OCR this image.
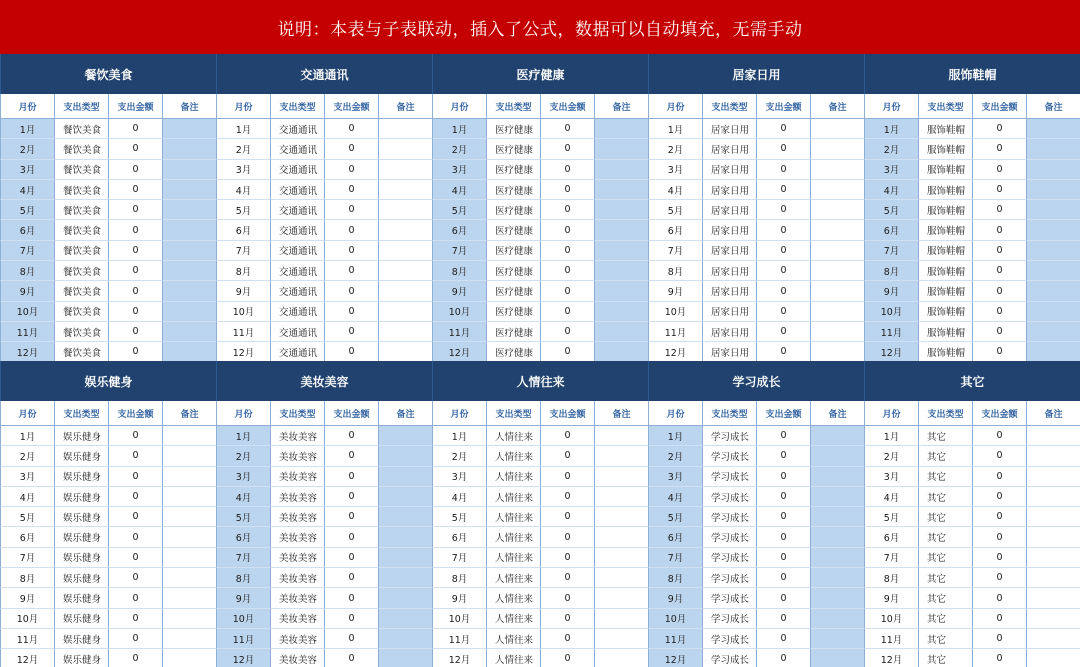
说明：本表与子表联动，插入了公式，数据可以自动填充，无需手动
餐饮美食
月份	支出类型	支出金额	备注
1月	餐饮美食	0
2月	餐饮美食	0
3月	餐饮美食	0
4月	餐饮美食	0
5月	餐饮美食	0
6月	餐饮美食	0
7月	餐饮美食	0
8月	餐饮美食	0
9月	餐饮美食	0
10月	餐饮美食	0
11月	餐饮美食	0
12月	餐饮美食	0
交通通讯
月份	支出类型	支出金额	备注
1月	交通通讯	0
2月	交通通讯	0
3月	交通通讯	0
4月	交通通讯	0
5月	交通通讯	0
6月	交通通讯	0
7月	交通通讯	0
8月	交通通讯	0
9月	交通通讯	0
10月	交通通讯	0
11月	交通通讯	0
12月	交通通讯	0
医疗健康
月份	支出类型	支出金额	备注
1月	医疗健康	0
2月	医疗健康	0
3月	医疗健康	0
4月	医疗健康	0
5月	医疗健康	0
6月	医疗健康	0
7月	医疗健康	0
8月	医疗健康	0
9月	医疗健康	0
10月	医疗健康	0
11月	医疗健康	0
12月	医疗健康	0
居家日用
月份	支出类型	支出金额	备注
1月	居家日用	0
2月	居家日用	0
3月	居家日用	0
4月	居家日用	0
5月	居家日用	0
6月	居家日用	0
7月	居家日用	0
8月	居家日用	0
9月	居家日用	0
10月	居家日用	0
11月	居家日用	0
12月	居家日用	0
服饰鞋帽
月份	支出类型	支出金额	备注
1月	服饰鞋帽	0
2月	服饰鞋帽	0
3月	服饰鞋帽	0
4月	服饰鞋帽	0
5月	服饰鞋帽	0
6月	服饰鞋帽	0
7月	服饰鞋帽	0
8月	服饰鞋帽	0
9月	服饰鞋帽	0
10月	服饰鞋帽	0
11月	服饰鞋帽	0
12月	服饰鞋帽	0
娱乐健身
月份	支出类型	支出金额	备注
1月	娱乐健身	0
2月	娱乐健身	0
3月	娱乐健身	0
4月	娱乐健身	0
5月	娱乐健身	0
6月	娱乐健身	0
7月	娱乐健身	0
8月	娱乐健身	0
9月	娱乐健身	0
10月	娱乐健身	0
11月	娱乐健身	0
12月	娱乐健身	0
美妆美容
月份	支出类型	支出金额	备注
1月	美妆美容	0
2月	美妆美容	0
3月	美妆美容	0
4月	美妆美容	0
5月	美妆美容	0
6月	美妆美容	0
7月	美妆美容	0
8月	美妆美容	0
9月	美妆美容	0
10月	美妆美容	0
11月	美妆美容	0
12月	美妆美容	0
人情往来
月份	支出类型	支出金额	备注
1月	人情往来	0
2月	人情往来	0
3月	人情往来	0
4月	人情往来	0
5月	人情往来	0
6月	人情往来	0
7月	人情往来	0
8月	人情往来	0
9月	人情往来	0
10月	人情往来	0
11月	人情往来	0
12月	人情往来	0
学习成长
月份	支出类型	支出金额	备注
1月	学习成长	0
2月	学习成长	0
3月	学习成长	0
4月	学习成长	0
5月	学习成长	0
6月	学习成长	0
7月	学习成长	0
8月	学习成长	0
9月	学习成长	0
10月	学习成长	0
11月	学习成长	0
12月	学习成长	0
其它
月份	支出类型	支出金额	备注
1月	其它	0
2月	其它	0
3月	其它	0
4月	其它	0
5月	其它	0
6月	其它	0
7月	其它	0
8月	其它	0
9月	其它	0
10月	其它	0
11月	其它	0
12月	其它	0
